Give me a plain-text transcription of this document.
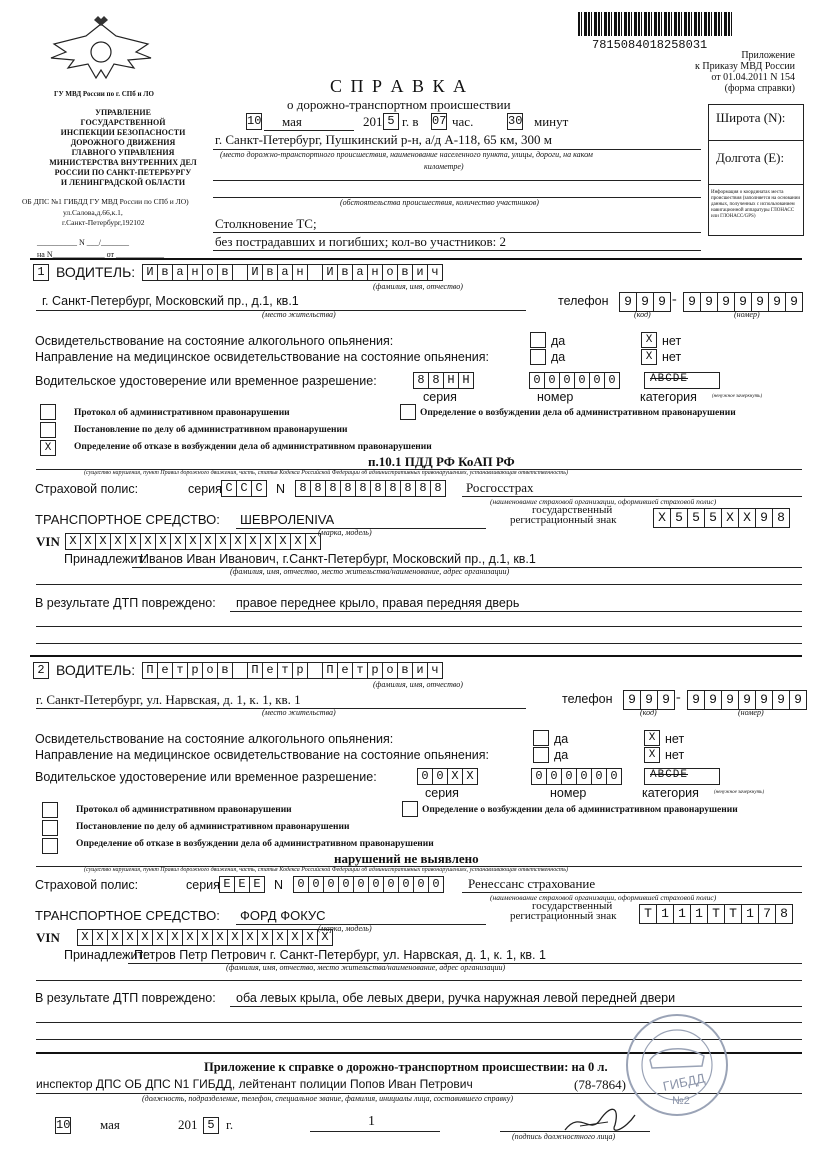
7815084018258031
Приложение
к Приказу МВД России
от 01.04.2011 N 154
(форма справки)
ГУ МВД России по г. СПб и ЛО
УПРАВЛЕНИЕ
ГОСУДАРСТВЕННОЙ
ИНСПЕКЦИИ БЕЗОПАСНОСТИ
ДОРОЖНОГО ДВИЖЕНИЯ
ГЛАВНОГО УПРАВЛЕНИЯ
МИНИСТЕРСТВА ВНУТРЕННИХ ДЕЛ
РОССИИ ПО САНКТ-ПЕТЕРБУРГУ
И ЛЕНИНГРАДСКОЙ ОБЛАСТИ
ОБ ДПС №1 ГИБДД ГУ МВД России по СПб и ЛО)
ул.Салова,д.66,к.1,
г.Санкт-Петербург,192102
__________ N ___/_______
на N_____________ от ____________
С П Р А В К А
о дорожно-транспортном происшествии
10 мая	201 5 г. в 07 час.	30 минут	Широта (N):
Долгота (E):
Информация о координатах места происшествия (заполняется на основании данных, полученных с использованием навигационной аппаратуры ГЛОНАСС или ГЛОНАСС/GPS)
г. Санкт-Петербург, Пушкинский р-н, а/д А-118, 65 км, 300 м
(место дорожно-транспортного происшествия, наименование населенного пункта, улицы, дороги, на каком
километре)
(обстоятельства происшествия, количество участников)
Столкновение ТС;
без пострадавших и погибших; кол-во участников: 2
1 ВОДИТЕЛЬ: И в а н о в	И в а н	И в а н о в и ч
(фамилия, имя, отчество)
г. Санкт-Петербург, Московский пр., д.1, кв.1
(место жительства)
телефон	9 9 9 - 9 9 9 9 9 9 9
(код)	(номер)
Освидетельствование на состояние алкогольного опьянения:	да	X нет
Направление на медицинское освидетельствование на состояние опьянения:	да	X нет
Водительское удостоверение или временное разрешение:	8 8 Н Н	0 0 0 0 0 0	ABCDE
серия	номер	категория	(ненужное зачеркнуть)
Протокол об административном правонарушении	Определение о возбуждении дела об административном правонарушении
Постановление по делу об административном правонарушении
X	Определение об отказе в возбуждении дела об административном правонарушении
п.10.1 ПДД РФ КоАП РФ
(существо нарушения, пункт Правил дорожного движения, часть, статья Кодекса Российской Федерации об административных правонарушениях, устанавливающая ответственность)
Страховой полис:	серия С С С	N	8 8 8 8 8 8 8 8 8 8	Росгосстрах
(наименование страховой организации, оформившей страховой полис)
ТРАНСПОРТНОЕ СРЕДСТВО: ШЕВРОЛЕNIVA
(марка, модель)
государственный
регистрационный знак	Х 5 5 5 Х Х 9 8
VIN X X X X X X X X X X X X X X X X X
Принадлежит:
Иванов Иван Иванович, г.Санкт-Петербург, Московский пр., д.1, кв.1
(фамилия, имя, отчество, место жительства/наименование, адрес организации)
В результате ДТП повреждено: правое переднее крыло, правая передняя дверь
2 ВОДИТЕЛЬ: П е т р о в	П е т р	П е т р о в и ч
(фамилия, имя, отчество)
г. Санкт-Петербург, ул. Нарвская, д. 1, к. 1, кв. 1
(место жительства)
телефон	9 9 9 - 9 9 9 9 9 9 9
(код)	(номер)
Освидетельствование на состояние алкогольного опьянения:	да	X нет
Направление на медицинское освидетельствование на состояние опьянения:	да	X нет
Водительское удостоверение или временное разрешение:	0 0 Х Х	0 0 0 0 0 0	ABCDE
серия	номер	категория	(ненужное зачеркнуть)
Протокол об административном правонарушении	Определение о возбуждении дела об административном правонарушении
Постановление по делу об административном правонарушении
Определение об отказе в возбуждении дела об административном правонарушении
нарушений не выявлено
(существо нарушения, пункт Правил дорожного движения, часть, статья Кодекса Российской Федерации об административных правонарушениях, устанавливающая ответственность)
Страховой полис:	серия Е Е Е	N	0 0 0 0 0 0 0 0 0 0	Ренессанс страхование
(наименование страховой организации, оформившей страховой полис)
ТРАНСПОРТНОЕ СРЕДСТВО: ФОРД ФОКУС
(марка, модель)
государственный
регистрационный знак	Т 1 1 1 Т Т 1 7 8
VIN	X X X X X X X X X X X X X X X X X
Принадлежит:
Петров Петр Петрович г. Санкт-Петербург, ул. Нарвская, д. 1, к. 1, кв. 1
(фамилия, имя, отчество, место жительства/наименование, адрес организации)
В результате ДТП повреждено: оба левых крыла, обе левых двери, ручка наружная левой передней двери
Приложение к справке о дорожно-транспортном происшествии: на 0 л.
инспектор ДПС ОБ ДПС N1 ГИБДД, лейтенант полиции Попов Иван Петрович	(78-7864)
(должность, подразделение, телефон, специальное звание, фамилия, инициалы лица, составившего справку)
10 мая	201 5 г.	1
(подпись должностного лица)
ГИБДД
№2
